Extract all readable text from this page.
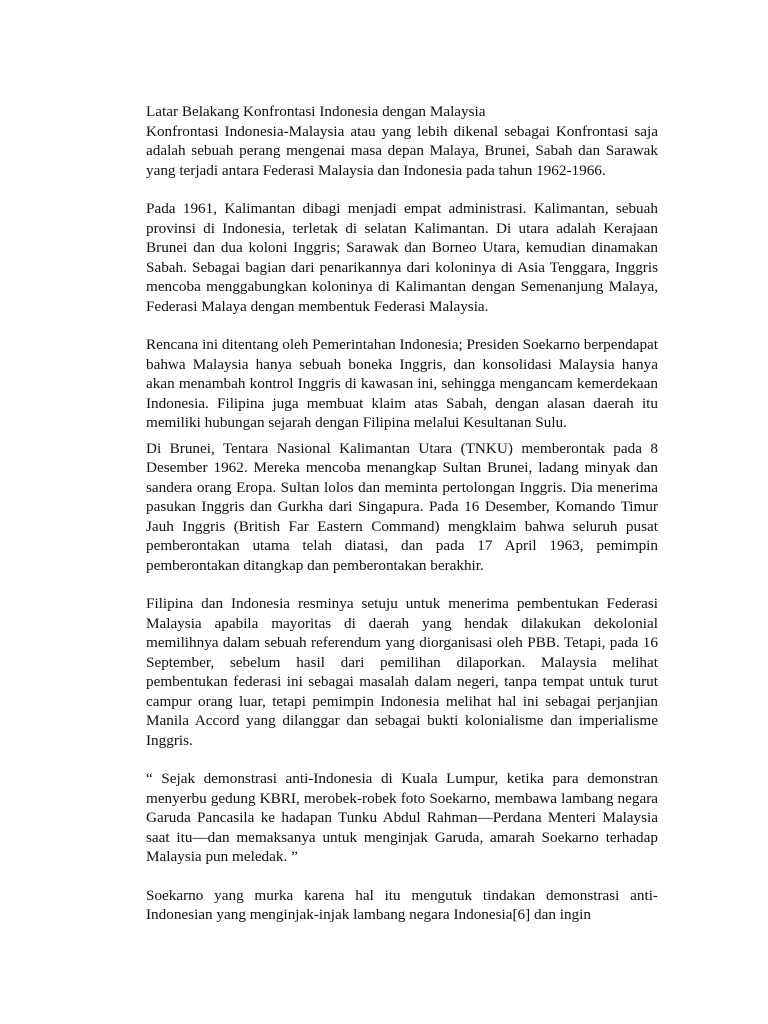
Latar Belakang Konfrontasi Indonesia dengan Malaysia

Konfrontasi Indonesia-Malaysia atau yang lebih dikenal sebagai Konfrontasi saja adalah sebuah perang mengenai masa depan Malaya, Brunei, Sabah dan Sarawak yang terjadi antara Federasi Malaysia dan Indonesia pada tahun 1962-1966.

Pada 1961, Kalimantan dibagi menjadi empat administrasi. Kalimantan, sebuah provinsi di Indonesia, terletak di selatan Kalimantan. Di utara adalah Kerajaan Brunei dan dua koloni Inggris; Sarawak dan Borneo Utara, kemudian dinamakan Sabah. Sebagai bagian dari penarikannya dari koloninya di Asia Tenggara, Inggris mencoba menggabungkan koloninya di Kalimantan dengan Semenanjung Malaya, Federasi Malaya dengan membentuk Federasi Malaysia.

Rencana ini ditentang oleh Pemerintahan Indonesia; Presiden Soekarno berpendapat bahwa Malaysia hanya sebuah boneka Inggris, dan konsolidasi Malaysia hanya akan menambah kontrol Inggris di kawasan ini, sehingga mengancam kemerdekaan Indonesia. Filipina juga membuat klaim atas Sabah, dengan alasan daerah itu memiliki hubungan sejarah dengan Filipina melalui Kesultanan Sulu.

Di Brunei, Tentara Nasional Kalimantan Utara (TNKU) memberontak pada 8 Desember 1962. Mereka mencoba menangkap Sultan Brunei, ladang minyak dan sandera orang Eropa. Sultan lolos dan meminta pertolongan Inggris. Dia menerima pasukan Inggris dan Gurkha dari Singapura. Pada 16 Desember, Komando Timur Jauh Inggris (British Far Eastern Command) mengklaim bahwa seluruh pusat pemberontakan utama telah diatasi, dan pada 17 April 1963, pemimpin pemberontakan ditangkap dan pemberontakan berakhir.

Filipina dan Indonesia resminya setuju untuk menerima pembentukan Federasi Malaysia apabila mayoritas di daerah yang hendak dilakukan dekolonial memilihnya dalam sebuah referendum yang diorganisasi oleh PBB. Tetapi, pada 16 September, sebelum hasil dari pemilihan dilaporkan. Malaysia melihat pembentukan federasi ini sebagai masalah dalam negeri, tanpa tempat untuk turut campur orang luar, tetapi pemimpin Indonesia melihat hal ini sebagai perjanjian Manila Accord yang dilanggar dan sebagai bukti kolonialisme dan imperialisme Inggris.

“ Sejak demonstrasi anti-Indonesia di Kuala Lumpur, ketika para demonstran menyerbu gedung KBRI, merobek-robek foto Soekarno, membawa lambang negara Garuda Pancasila ke hadapan Tunku Abdul Rahman—Perdana Menteri Malaysia saat itu—dan memaksanya untuk menginjak Garuda, amarah Soekarno terhadap Malaysia pun meledak. ”

Soekarno yang murka karena hal itu mengutuk tindakan demonstrasi anti-Indonesian yang menginjak-injak lambang negara Indonesia[6] dan ingin
